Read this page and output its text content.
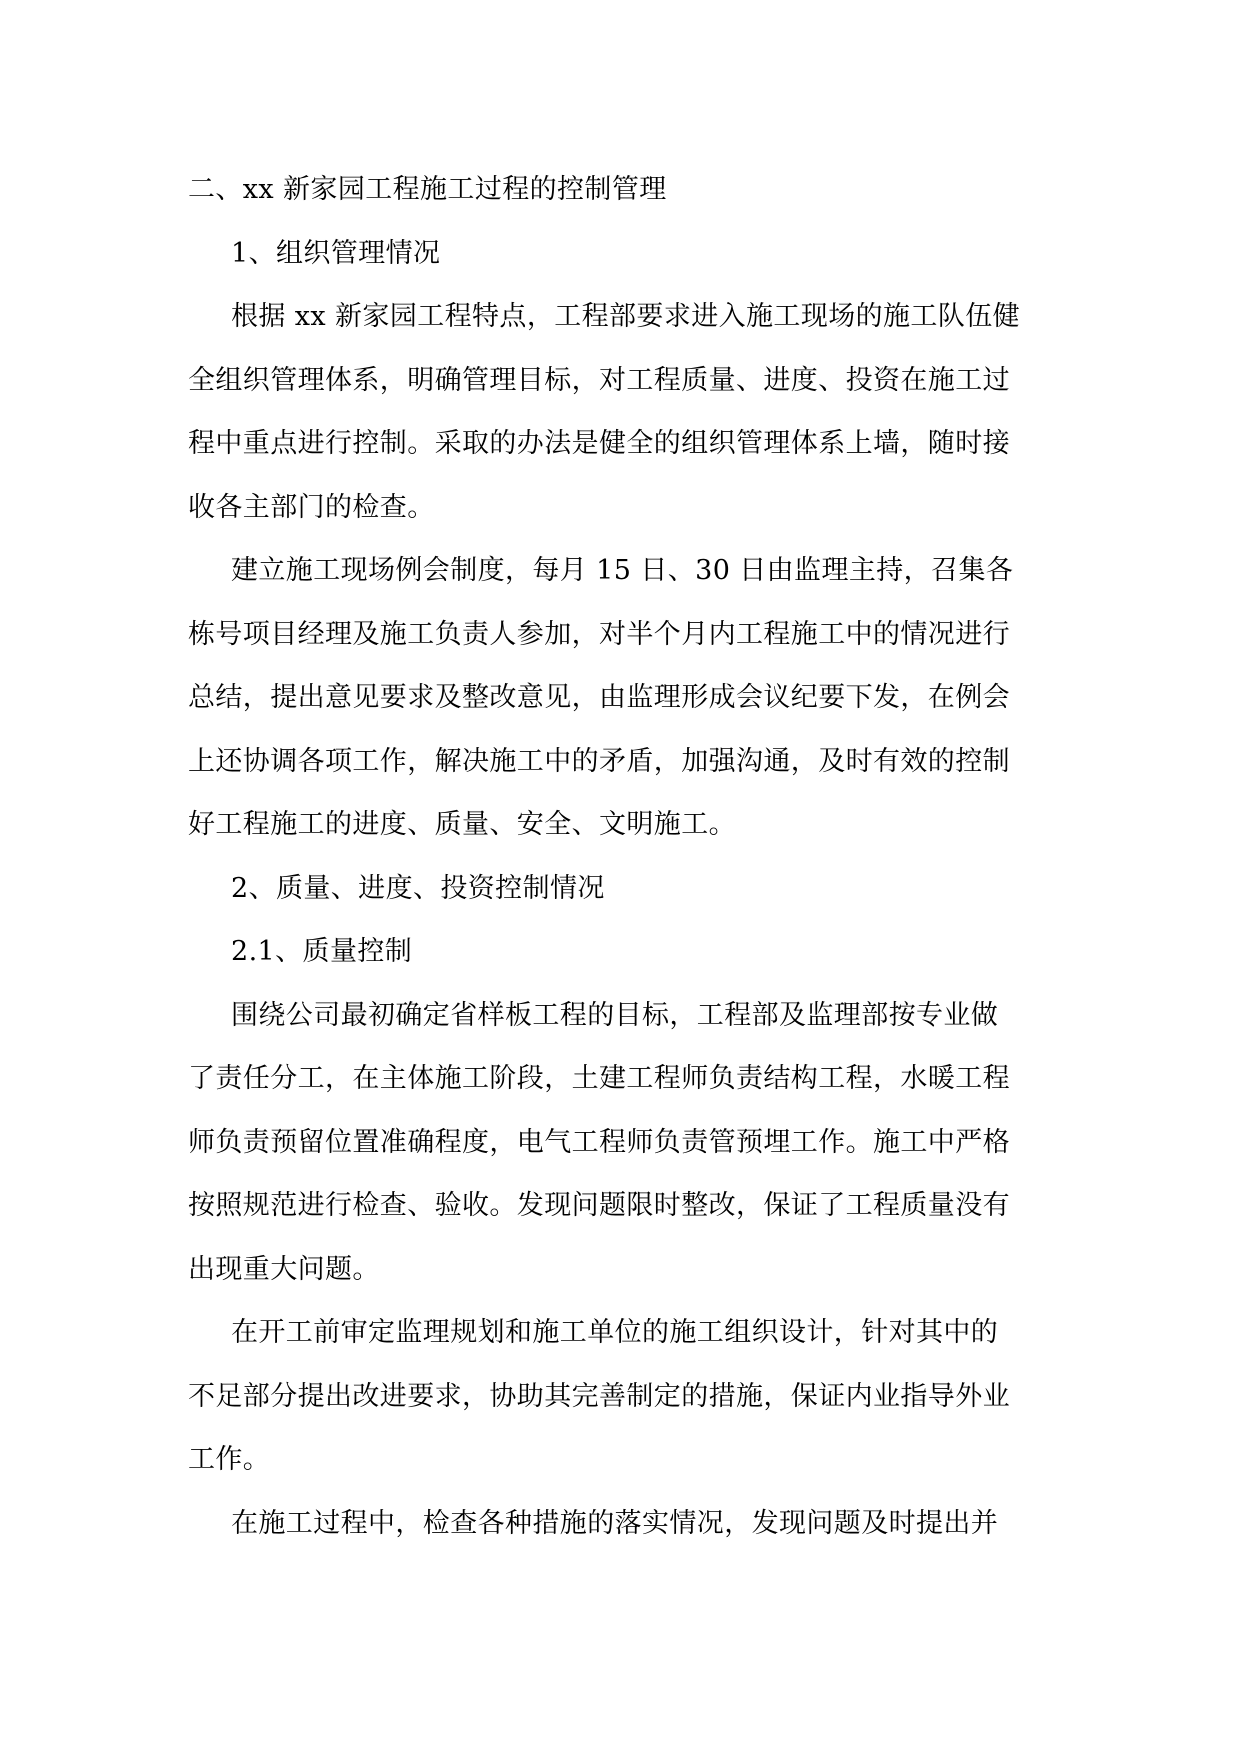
二、xx 新家园工程施工过程的控制管理
1、组织管理情况
根据 xx 新家园工程特点，工程部要求进入施工现场的施工队伍健
全组织管理体系，明确管理目标，对工程质量、进度、投资在施工过
程中重点进行控制。采取的办法是健全的组织管理体系上墙，随时接
收各主部门的检查。
建立施工现场例会制度，每月 15 日、30 日由监理主持，召集各
栋号项目经理及施工负责人参加，对半个月内工程施工中的情况进行
总结，提出意见要求及整改意见，由监理形成会议纪要下发，在例会
上还协调各项工作，解决施工中的矛盾，加强沟通，及时有效的控制
好工程施工的进度、质量、安全、文明施工。
2、质量、进度、投资控制情况
2.1、质量控制
围绕公司最初确定省样板工程的目标，工程部及监理部按专业做
了责任分工，在主体施工阶段，土建工程师负责结构工程，水暖工程
师负责预留位置准确程度，电气工程师负责管预埋工作。施工中严格
按照规范进行检查、验收。发现问题限时整改，保证了工程质量没有
出现重大问题。
在开工前审定监理规划和施工单位的施工组织设计，针对其中的
不足部分提出改进要求，协助其完善制定的措施，保证内业指导外业
工作。
在施工过程中，检查各种措施的落实情况，发现问题及时提出并
